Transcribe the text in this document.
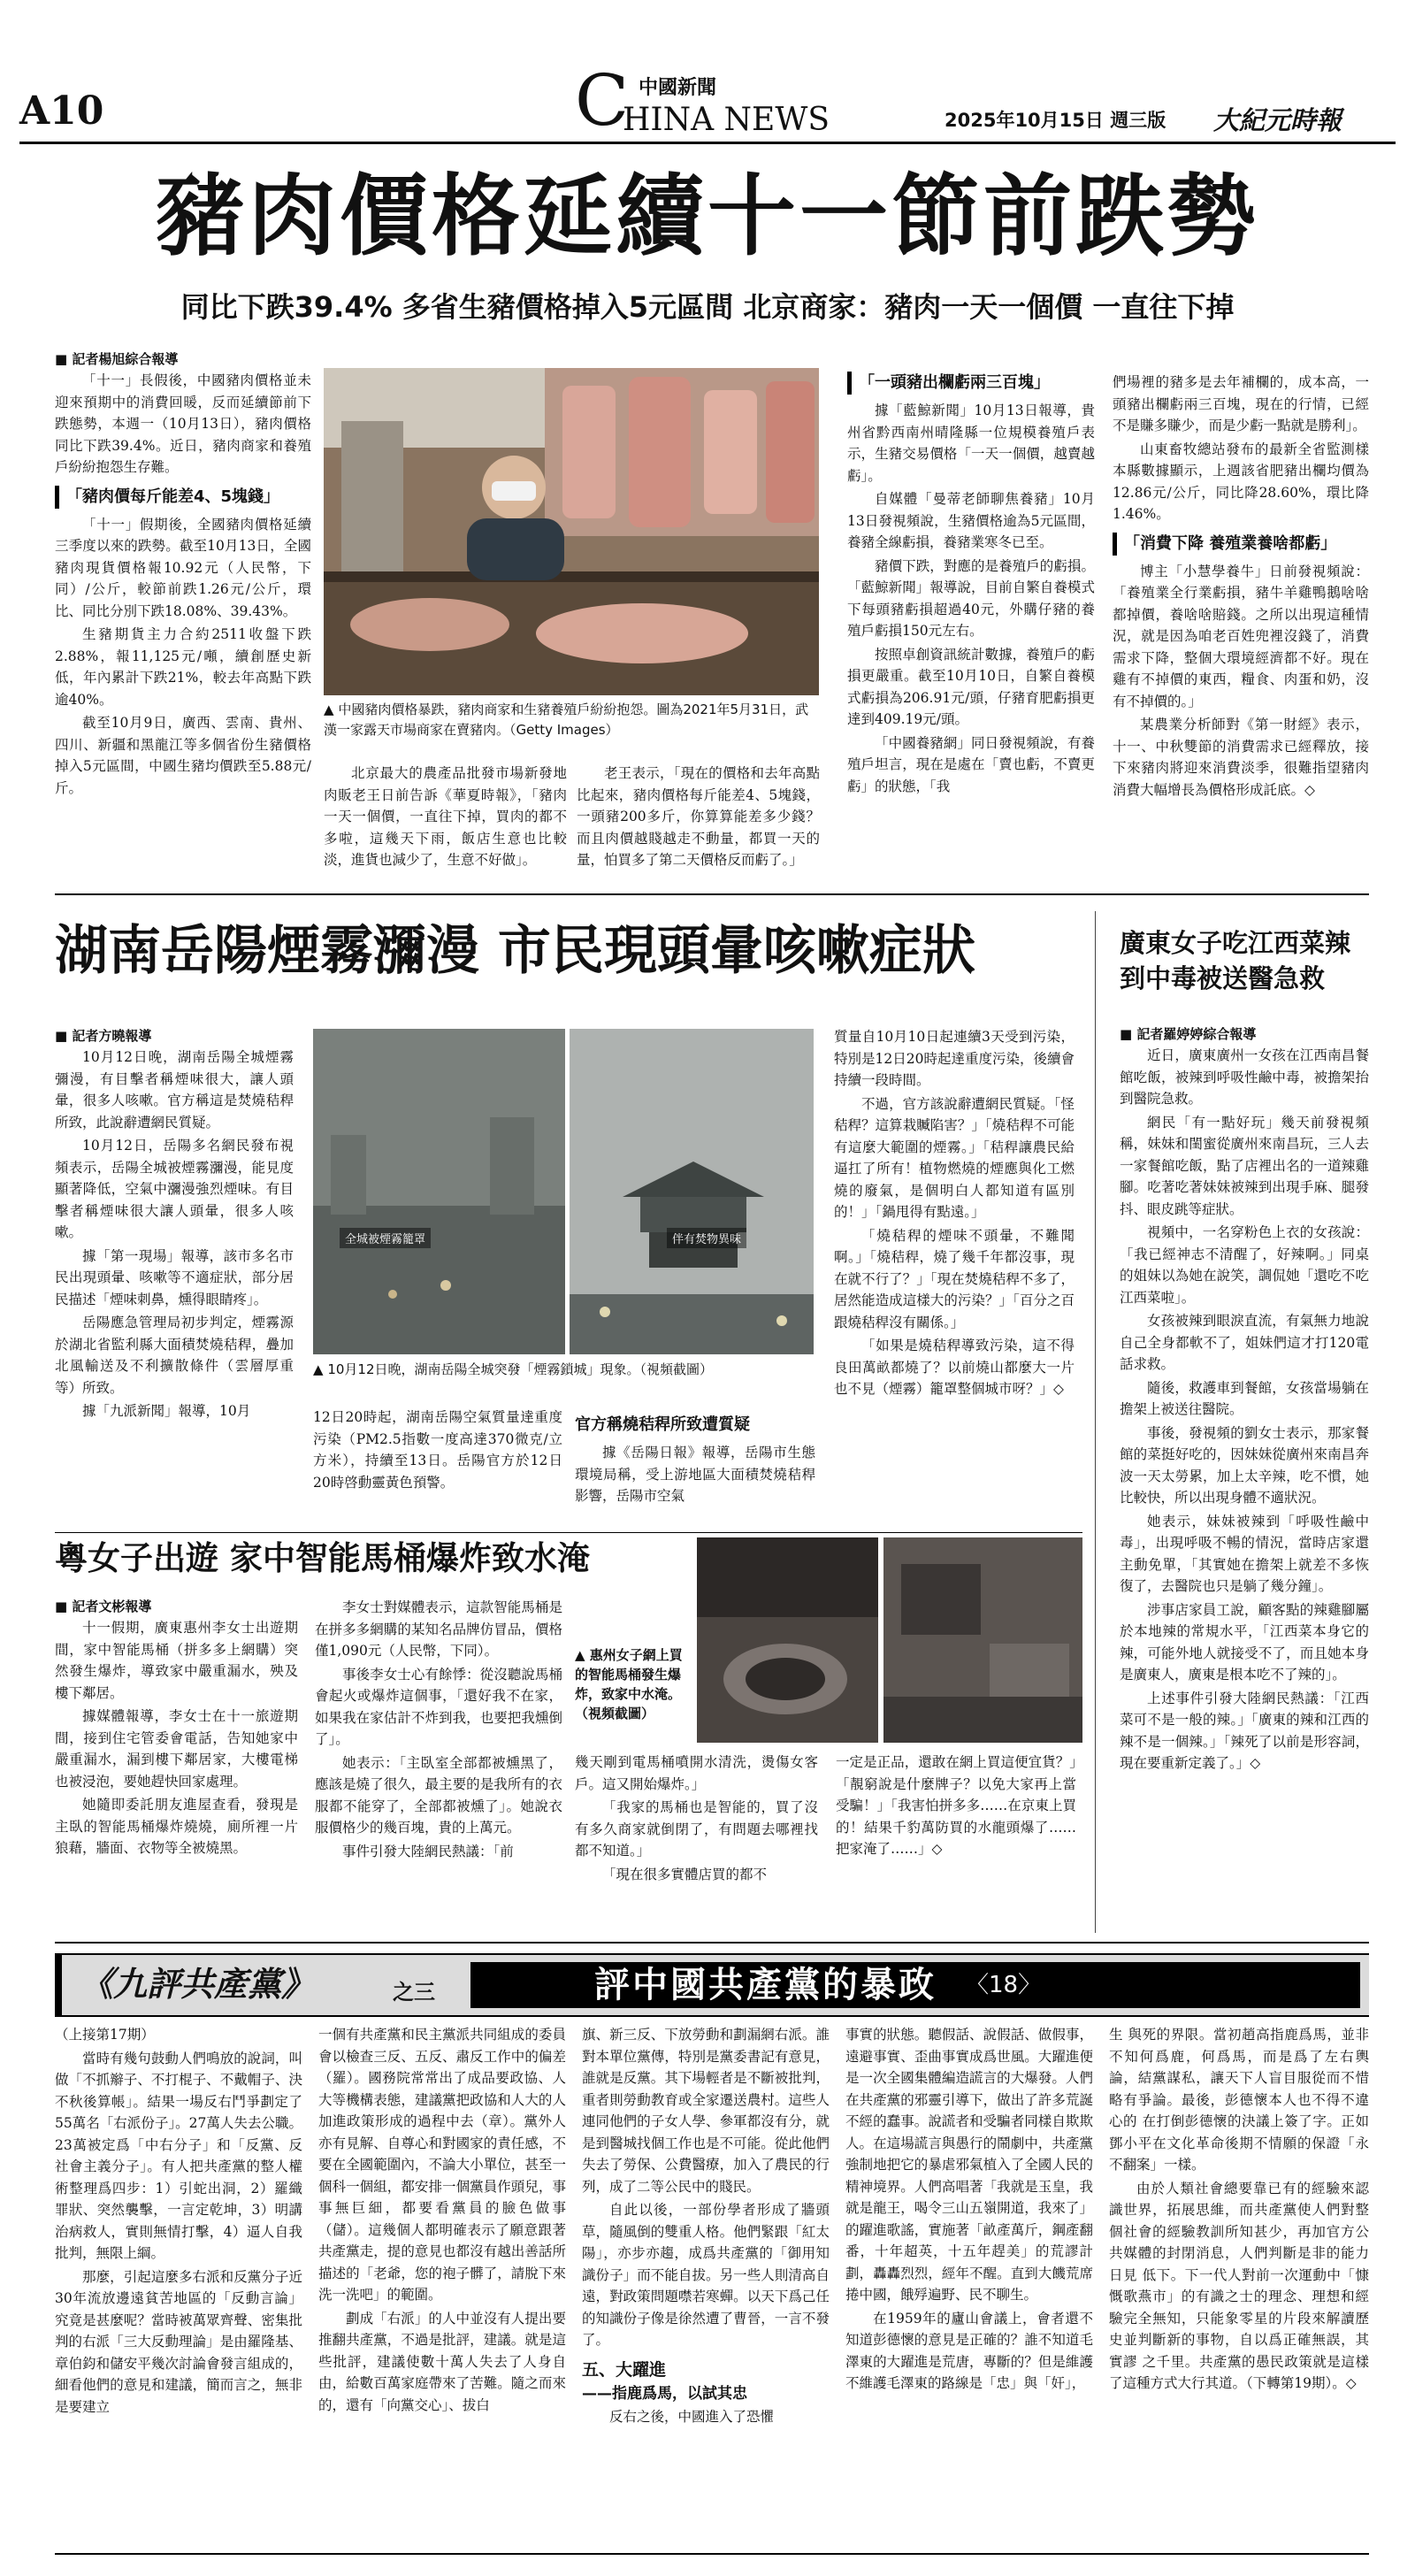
A10
中國新聞
C
HINA NEWS	2025年10月15日 週三版 大紀元時報
豬肉價格延續十一節前跌勢
同比下跌39.4% 多省生豬價格掉入5元區間 北京商家：豬肉一天一個價 一直往下掉

■ 記者楊旭綜合報導

「十一」長假後，中國豬肉價格並未迎來預期中的消費回暖，反而延續節前下跌態勢，本週一（10月13日），豬肉價格同比下跌39.4%。近日，豬肉商家和養殖戶紛紛抱怨生存難。

「豬肉價每斤能差4、5塊錢」

「十一」假期後，全國豬肉價格延續三季度以來的跌勢。截至10月13日，全國豬肉現貨價格報10.92元（人民幣，下同）/公斤，較節前跌1.26元/公斤，環比、同比分別下跌18.08%、39.43%。

生豬期貨主力合約2511收盤下跌2.88%，報11,125元/噸，續創歷史新低，年內累計下跌21%，較去年高點下跌逾40%。

截至10月9日，廣西、雲南、貴州、四川、新疆和黑龍江等多個省份生豬價格掉入5元區間，中國生豬均價跌至5.88元/斤。

▲ 中國豬肉價格暴跌，豬肉商家和生豬養殖戶紛紛抱怨。圖為2021年5月31日，武漢一家露天市場商家在賣豬肉。（Getty Images）

北京最大的農產品批發市場新發地肉販老王日前告訴《華夏時報》，「豬肉一天一個價，一直往下掉，買肉的都不多啦，這幾天下雨，飯店生意也比較淡，進貨也減少了，生意不好做」。

老王表示，「現在的價格和去年高點比起來，豬肉價格每斤能差4、5塊錢，一頭豬200多斤，你算算能差多少錢？而且肉價越賤越走不動量，都買一天的量，怕買多了第二天價格反而虧了。」

「一頭豬出欄虧兩三百塊」

據「藍鯨新聞」10月13日報導，貴州省黔西南州晴隆縣一位規模養殖戶表示，生豬交易價格「一天一個價，越賣越虧」。

自媒體「曼蒂老師聊焦養豬」10月13日發視頻說，生豬價格逾為5元區間，養豬全線虧損，養豬業寒冬已至。

豬價下跌，對應的是養殖戶的虧損。「藍鯨新聞」報導說，目前自繁自養模式下每頭豬虧損超過40元，外購仔豬的養殖戶虧損150元左右。

按照卓創資訊統計數據，養殖戶的虧損更嚴重。截至10月10日，自繁自養模式虧損為206.91元/頭，仔豬育肥虧損更達到409.19元/頭。

「中國養豬網」同日發視頻說，有養殖戶坦言，現在是處在「賣也虧，不賣更虧」的狀態，「我

們場裡的豬多是去年補欄的，成本高，一頭豬出欄虧兩三百塊，現在的行情，已經不是賺多賺少，而是少虧一點就是勝利」。

山東畜牧總站發布的最新全省監測樣本縣數據顯示，上週該省肥豬出欄均價為12.86元/公斤，同比降28.60%，環比降1.46%。

「消費下降 養殖業養啥都虧」

博主「小慧學養牛」日前發視頻說：「養殖業全行業虧損，豬牛羊雞鴨鵝啥啥都掉價，養啥啥賠錢。之所以出現這種情況，就是因為咱老百姓兜裡沒錢了，消費需求下降，整個大環境經濟都不好。現在雞有不掉價的東西，糧食、肉蛋和奶，沒有不掉價的。」

某農業分析師對《第一財經》表示，十一、中秋雙節的消費需求已經釋放，接下來豬肉將迎來消費淡季，很難指望豬肉消費大幅增長為價格形成託底。◇

湖南岳陽煙霧瀰漫 市民現頭暈咳嗽症狀

■ 記者方曉報導

10月12日晚，湖南岳陽全城煙霧彌漫，有目擊者稱煙味很大，讓人頭暈，很多人咳嗽。官方稱這是焚燒秸稈所致，此說辭遭網民質疑。

10月12日，岳陽多名網民發布視頻表示，岳陽全城被煙霧瀰漫，能見度顯著降低，空氣中瀰漫強烈煙味。有目擊者稱煙味很大讓人頭暈，很多人咳嗽。

據「第一現場」報導，該市多名市民出現頭暈、咳嗽等不適症狀，部分居民描述「煙味刺鼻，燻得眼睛疼」。

岳陽應急管理局初步判定，煙霧源於湖北省監利縣大面積焚燒秸稈，疊加北風輸送及不利擴散條件（雲層厚重等）所致。

據「九派新聞」報導，10月

全城被煙霧籠罩	伴有焚物異味
▲ 10月12日晚，湖南岳陽全城突發「煙霧鎖城」現象。（視頻截圖）

12日20時起，湖南岳陽空氣質量達重度污染（PM2.5指數一度高達370微克/立方米），持續至13日。岳陽官方於12日20時啓動靈黃色預警。

官方稱燒秸稈所致遭質疑

據《岳陽日報》報導，岳陽市生態環境局稱，受上游地區大面積焚燒秸稈影響，岳陽市空氣

質量自10月10日起連續3天受到污染，特別是12日20時起達重度污染，後續會持續一段時間。

不過，官方該說辭遭網民質疑。「怪秸稈？這算栽贓陷害？」「燒秸稈不可能有這麼大範圍的煙霧。」「秸稈讓農民給逼扛了所有！植物燃燒的煙應與化工燃燒的廢氣，是個明白人都知道有區別的！」「鍋甩得有點遠。」

「燒秸稈的煙味不頭暈，不難聞啊。」「燒秸稈，燒了幾千年都沒事，現在就不行了？」「現在焚燒秸稈不多了，居然能造成這樣大的污染？」「百分之百跟燒秸稈沒有關係。」

「如果是燒秸稈導致污染，這不得良田萬畝都燒了？以前燒山都麼大一片也不見（煙霧）籠罩整個城市呀？」◇

廣東女子吃江西菜辣到中毒被送醫急救

■ 記者羅婷婷綜合報導

近日，廣東廣州一女孩在江西南昌餐館吃飯，被辣到呼吸性鹼中毒，被擔架抬到醫院急救。

網民「有一點好玩」幾天前發視頻稱，妹妹和閨蜜從廣州來南昌玩，三人去一家餐館吃飯，點了店裡出名的一道辣雞腳。吃著吃著妹妹被辣到出現手麻、腿發抖、眼皮跳等症狀。

視頻中，一名穿粉色上衣的女孩說：「我已經神志不清醒了，好辣啊。」同桌的姐妹以為她在說笑，調侃她「還吃不吃江西菜啦」。

女孩被辣到眼淚直流，有氣無力地說自己全身都軟不了，姐妹們這才打120電話求救。

隨後，救護車到餐館，女孩當場躺在擔架上被送往醫院。

事後，發視頻的劉女士表示，那家餐館的菜挺好吃的，因妹妹從廣州來南昌奔波一天太勞累，加上太辛辣，吃不慣，她比較快，所以出現身體不適狀況。

她表示，妹妹被辣到「呼吸性鹼中毒」，出現呼吸不暢的情況，當時店家還主動免單，「其實她在擔架上就差不多恢復了，去醫院也只是躺了幾分鐘」。

涉事店家員工說，顧客點的辣雞腳屬於本地辣的常規水平，「江西菜本身它的辣，可能外地人就接受不了，而且她本身是廣東人，廣東是根本吃不了辣的」。

上述事件引發大陸網民熱議：「江西菜可不是一般的辣。」「廣東的辣和江西的辣不是一個辣。」「辣死了以前是形容詞，現在要重新定義了。」◇

粵女子出遊 家中智能馬桶爆炸致水淹

■ 記者文彬報導

十一假期，廣東惠州李女士出遊期間，家中智能馬桶（拼多多上網購）突然發生爆炸，導致家中嚴重漏水，殃及樓下鄰居。

據媒體報導，李女士在十一旅遊期間，接到住宅管委會電話，告知她家中嚴重漏水，漏到樓下鄰居家，大樓電梯也被浸泡，要她趕快回家處理。

她隨即委託朋友進屋查看，發現是主臥的智能馬桶爆炸燒燒，廁所裡一片狼藉，牆面、衣物等全被燒黑。

李女士對媒體表示，這款智能馬桶是在拼多多網購的某知名品牌仿冒品，價格僅1,090元（人民幣，下同）。

事後李女士心有餘悸：從沒聽說馬桶會起火或爆炸這個事，「還好我不在家，如果我在家估計不炸到我，也要把我燻倒了」。

她表示：「主臥室全部都被燻黑了，應該是燒了很久，最主要的是我所有的衣服都不能穿了，全部都被燻了」。她說衣服價格少的幾百塊，貴的上萬元。

事件引發大陸網民熱議：「前

▲ 惠州女子網上買的智能馬桶發生爆炸，致家中水淹。（視頻截圖）

幾天剛到電馬桶噴開水清洗，燙傷女客戶。這又開始爆炸。」

「我家的馬桶也是智能的，買了沒有多久商家就倒閉了，有問題去哪裡找都不知道。」

「現在很多實體店買的都不

一定是正品，還敢在網上買這便宜貨？」「靚窮說是什麼牌子？以免大家再上當受騙！」「我害怕拼多多……在京東上買的！結果千豹萬防買的水龍頭爆了……把家淹了……」◇

《九評共產黨》	之三	評中國共產黨的暴政 〈18〉

（上接第17期）

當時有幾句鼓動人們鳴放的說詞，叫做「不抓辮子、不打棍子、不戴帽子、決不秋後算帳」。結果一場反右鬥爭劃定了55萬名「右派份子」。27萬人失去公職。23萬被定爲「中右分子」和「反黨、反社會主義分子」。有人把共產黨的整人權術整理爲四步：1）引蛇出洞，2）羅織罪狀、突然襲擊，一言定乾坤，3）明講治病救人，實則無情打擊，4）逼人自我批判，無限上綱。

那麼，引起這麼多右派和反黨分子近30年流放邊遠貧苦地區的「反動言論」究竟是甚麼呢？當時被萬眾齊聲、密集批判的右派「三大反動理論」是由羅隆基、章伯鈞和儲安平幾次討論會發言組成的，細看他們的意見和建議，簡而言之，無非是要建立

一個有共產黨和民主黨派共同組成的委員會以檢查三反、五反、肅反工作中的偏差（羅）。國務院常常出了成品要政協、人大等機構表態，建議黨把政協和人大的人加進政策形成的過程中去（章）。黨外人亦有見解、自尊心和對國家的責任感，不要在全國範圍內，不論大小單位，甚至一個科一個組，都安排一個黨員作頭兒，事事無巨細，都要看黨員的臉色做事（儲）。這幾個人都明確表示了願意跟著共產黨走，提的意見也都沒有越出善話所描述的「老爺，您的袍子髒了，請脫下來洗一洗吧」的範圍。

劃成「右派」的人中並沒有人提出要推翻共產黨，不過是批評，建議。就是這些批評，建議使數十萬人失去了人身自由，給數百萬家庭帶來了苦難。隨之而來的，還有「向黨交心」、拔白

旗、新三反、下放勞動和劃漏網右派。誰對本單位黨傳，特別是黨委書記有意見，誰就是反黨。其下場輕者是不斷被批判，重者則勞動教育或全家遷送農村。這些人連同他們的子女人學、參軍都沒有分，就是到醫城找個工作也是不可能。從此他們失去了勞保、公費醫療，加入了農民的行列，成了二等公民中的賤民。

自此以後，一部份學者形成了牆頭草，隨風倒的雙重人格。他們緊跟「紅太陽」，亦步亦趨，成爲共產黨的「御用知識份子」而不能自拔。另一些人則清高自遠，對政策問題噤若寒蟬。以天下爲己任的知識份子像是徐然遭了曹晉，一言不發了。

五、大躍進
——指鹿爲馬，以試其忠

反右之後，中國進入了恐懼

事實的狀態。聽假話、說假話、做假事，遠避事實、歪曲事實成爲世風。大躍進便是一次全國集體編造謊言的大爆發。人們在共產黨的邪靈引導下，做出了許多荒誕不經的蠢事。說謊者和受騙者同樣自欺欺人。在這場謊言與愚行的鬧劇中，共產黨強制地把它的暴虐邪氣植入了全國人民的精神境界。人們高唱著「我就是玉皇，我就是龍王，喝令三山五嶺開道，我來了」的躍進歌謠，實施著「畝產萬斤，鋼產翻番，十年超英，十五年趕美」的荒謬計劃，轟轟烈烈，經年不醒。直到大饑荒席捲中國，餓殍遍野、民不聊生。

在1959年的廬山會議上，會者還不知道彭德懷的意見是正確的？誰不知道毛澤東的大躍進是荒唐，專斷的？但是維護不維護毛澤東的路線是「忠」與「奸」，

生 與死的界限。當初趙高指鹿爲馬，並非不知何爲鹿，何爲馬，而是爲了左右輿論，結黨謀私，讓天下人盲目服從而不惜略有爭論。最後，彭德懷本人也不得不違心的 在打倒彭德懷的決議上簽了字。正如鄧小平在文化革命後期不情願的保證「永不翻案」一樣。

由於人類社會總要靠已有的經驗來認識世界，拓展思維，而共產黨使人們對整個社會的經驗教訓所知甚少，再加官方公共媒體的封閉消息，人們判斷是非的能力日見 低下。下一代人對前一次運動中「慷慨歌燕市」的有識之士的理念、理想和經驗完全無知，只能象零星的片段來解讀歷史並判斷新的事物，自以爲正確無誤，其實謬 之千里。共產黨的愚民政策就是這樣了這種方式大行其道。（下轉第19期）。◇
